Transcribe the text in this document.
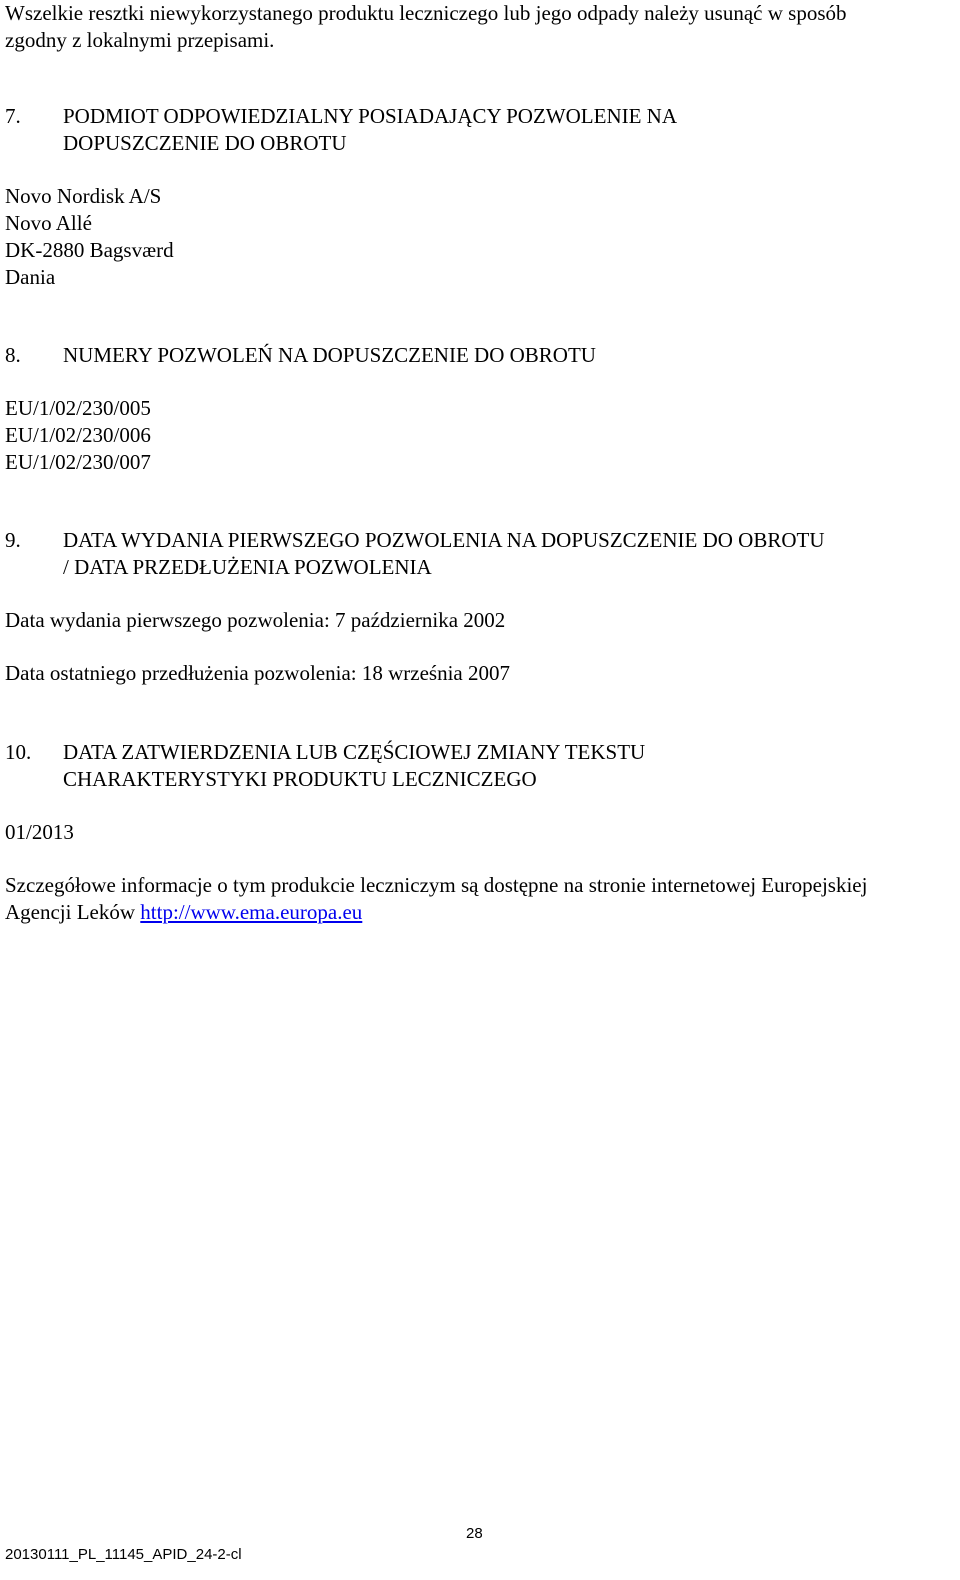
Wszelkie resztki niewykorzystanego produktu leczniczego lub jego odpady należy usunąć w sposób
zgodny z lokalnymi przepisami.
7. PODMIOT ODPOWIEDZIALNY POSIADAJĄCY POZWOLENIE NA
DOPUSZCZENIE DO OBROTU
Novo Nordisk A/S
Novo Allé
DK-2880 Bagsværd
Dania
8. NUMERY POZWOLEŃ NA DOPUSZCZENIE DO OBROTU
EU/1/02/230/005
EU/1/02/230/006
EU/1/02/230/007
9. DATA WYDANIA PIERWSZEGO POZWOLENIA NA DOPUSZCZENIE DO OBROTU
/ DATA PRZEDŁUŻENIA POZWOLENIA
Data wydania pierwszego pozwolenia: 7 października 2002
Data ostatniego przedłużenia pozwolenia: 18 września 2007
10. DATA ZATWIERDZENIA LUB CZĘŚCIOWEJ ZMIANY TEKSTU
CHARAKTERYSTYKI PRODUKTU LECZNICZEGO
01/2013
Szczegółowe informacje o tym produkcie leczniczym są dostępne na stronie internetowej Europejskiej
Agencji Leków http://www.ema.europa.eu
28
20130111_PL_11145_APID_24-2-cl
